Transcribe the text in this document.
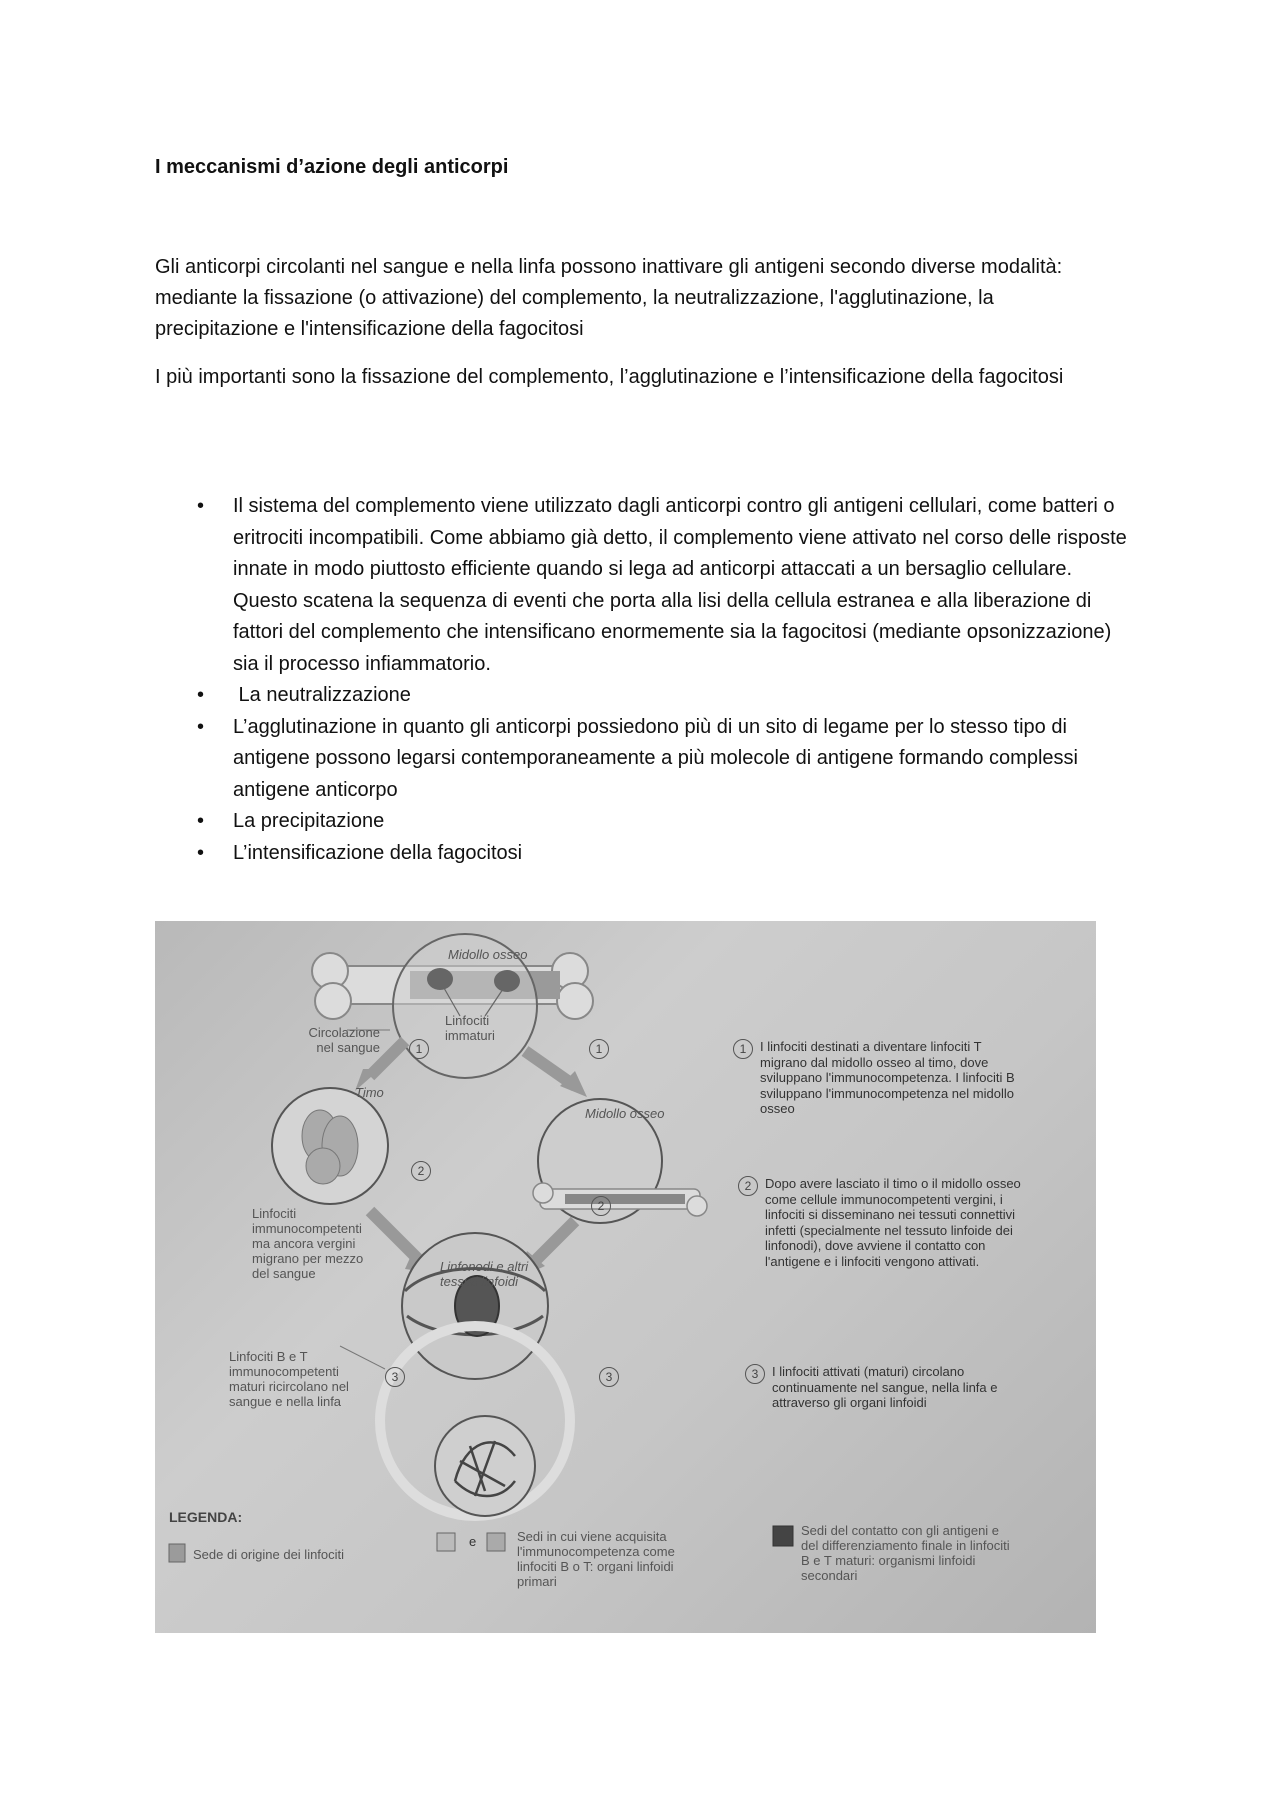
I meccanismi d’azione degli anticorpi

Gli anticorpi circolanti nel sangue e nella linfa possono inattivare gli antigeni secondo diverse modalità: mediante la fissazione (o attivazione) del complemento, la neutralizzazione, l'agglutinazione, la precipitazione e l'intensificazione della fagocitosi

I più importanti sono la fissazione del complemento, l’agglutinazione e l’intensificazione della fagocitosi

• Il sistema del complemento viene utilizzato dagli anticorpi contro gli antigeni cellulari, come batteri o eritrociti incompatibili. Come abbiamo già detto, il complemento viene attivato nel corso delle risposte innate in modo piuttosto efficiente quando si lega ad anticorpi attaccati a un bersaglio cellulare. Questo scatena la sequenza di eventi che porta alla lisi della cellula estranea e alla liberazione di fattori del complemento che intensificano enormemente sia la fagocitosi (mediante opsonizzazione) sia il processo infiammatorio.
•  La neutralizzazione
• L’agglutinazione in quanto gli anticorpi possiedono più di un sito di legame per lo stesso tipo di antigene possono legarsi contemporaneamente a più molecole di antigene formando complessi antigene anticorpo
• La precipitazione
• L’intensificazione della fagocitosi
Midollo osseo
Linfociti immaturi
Circolazione nel sangue
Timo
Midollo osseo
Linfonodi e altri tessuti linfoidi
Linfociti immunocompetenti ma ancora vergini migrano per mezzo del sangue
Linfociti B e T immunocompetenti maturi ricircolano nel sangue e nella linfa
1	1
2
2
3	3
1	I linfociti destinati a diventare linfociti T migrano dal midollo osseo al timo, dove sviluppano l'immunocompetenza. I linfociti B sviluppano l'immunocompetenza nel midollo osseo
2	Dopo avere lasciato il timo o il midollo osseo come cellule immunocompetenti vergini, i linfociti si disseminano nei tessuti connettivi infetti (specialmente nel tessuto linfoide dei linfonodi), dove avviene il contatto con l'antigene e i linfociti vengono attivati.
3	I linfociti attivati (maturi) circolano continuamente nel sangue, nella linfa e attraverso gli organi linfoidi
LEGENDA:
Sede di origine dei linfociti
e	Sedi in cui viene acquisita l'immunocompetenza come linfociti B o T: organi linfoidi primari
Sedi del contatto con gli antigeni e del differenziamento finale in linfociti B e T maturi: organismi linfoidi secondari
